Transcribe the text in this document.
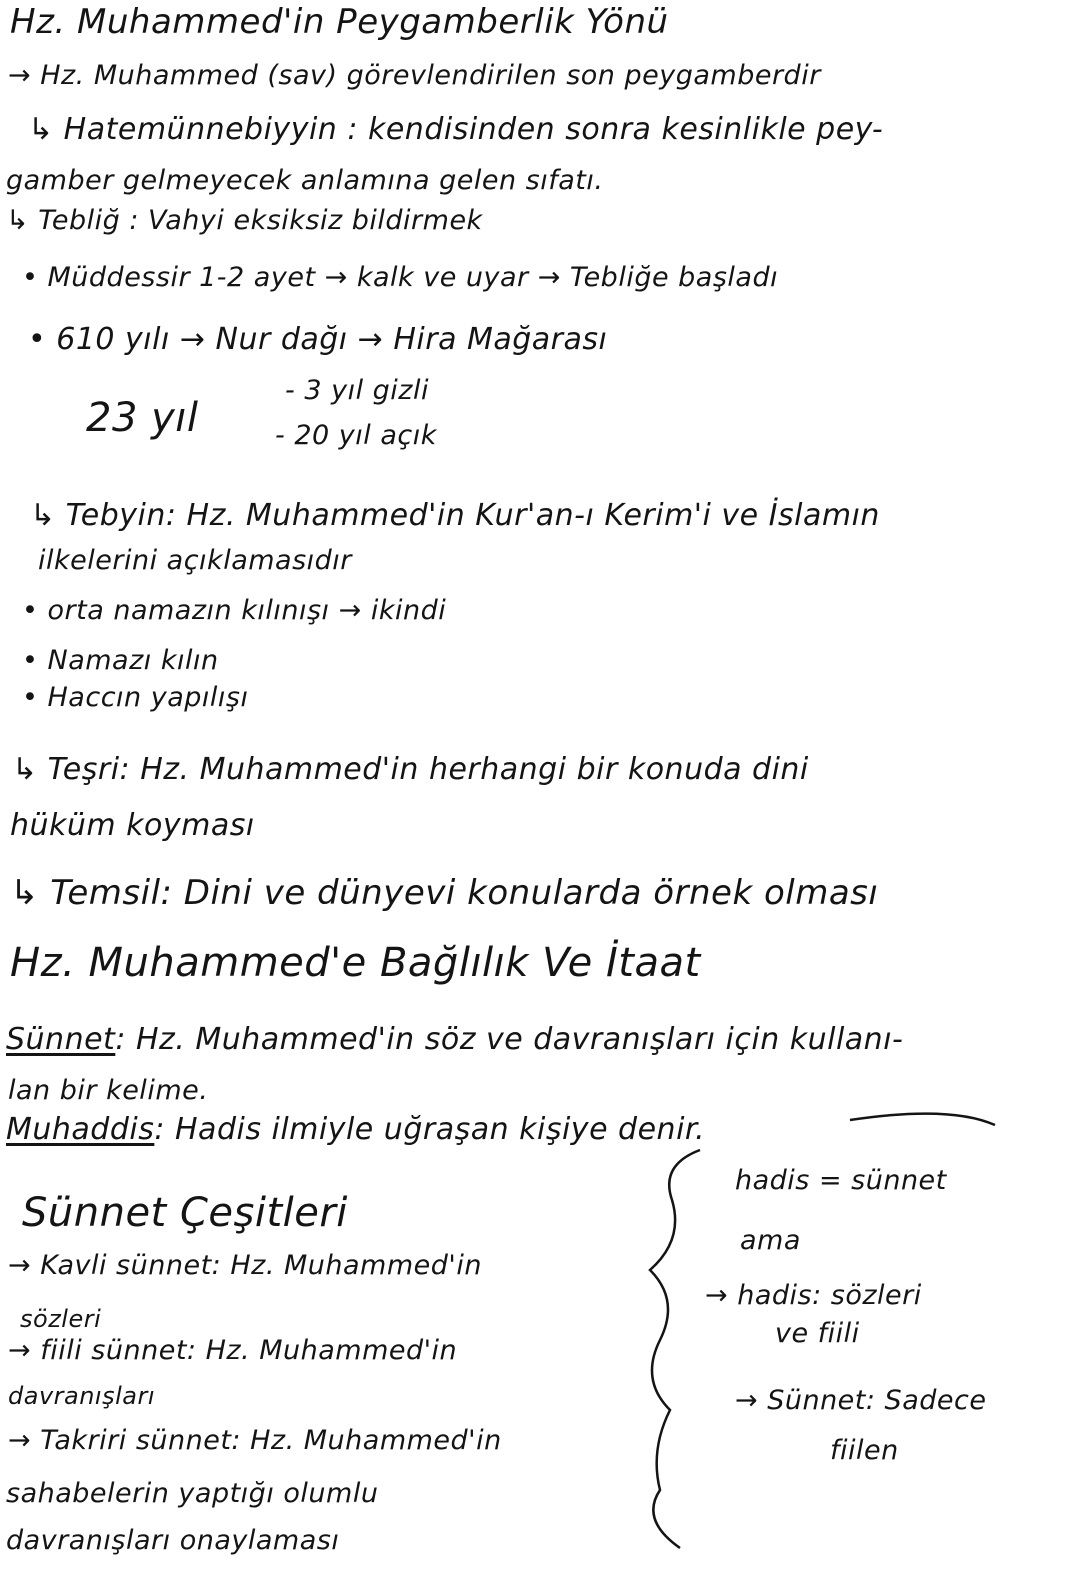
Hz. Muhammed'in Peygamberlik Yönü
→ Hz. Muhammed (sav) görevlendirilen son peygamberdir
↳ Hatemünnebiyyin : kendisinden sonra kesinlikle pey-
gamber gelmeyecek anlamına gelen sıfatı.
↳ Tebliğ : Vahyi eksiksiz bildirmek
• Müddessir 1-2 ayet → kalk ve uyar → Tebliğe başladı
• 610 yılı → Nur dağı → Hira Mağarası
23 yıl
- 3 yıl gizli
- 20 yıl açık
↳ Tebyin: Hz. Muhammed'in Kur'an-ı Kerim'i ve İslamın
ilkelerini açıklamasıdır
• orta namazın kılınışı → ikindi
• Namazı kılın
• Haccın yapılışı
↳ Teşri: Hz. Muhammed'in herhangi bir konuda dini
hüküm koyması
↳ Temsil: Dini ve dünyevi konularda örnek olması
Hz. Muhammed'e Bağlılık Ve İtaat
Sünnet: Hz. Muhammed'in söz ve davranışları için kullanı-
lan bir kelime.
Muhaddis: Hadis ilmiyle uğraşan kişiye denir.
Sünnet Çeşitleri
→ Kavli sünnet: Hz. Muhammed'in
sözleri
→ fiili sünnet: Hz. Muhammed'in
davranışları
→ Takriri sünnet: Hz. Muhammed'in
sahabelerin yaptığı olumlu
davranışları onaylaması
hadis = sünnet
ama
→ hadis: sözleri
ve fiili
→ Sünnet: Sadece
fiilen
